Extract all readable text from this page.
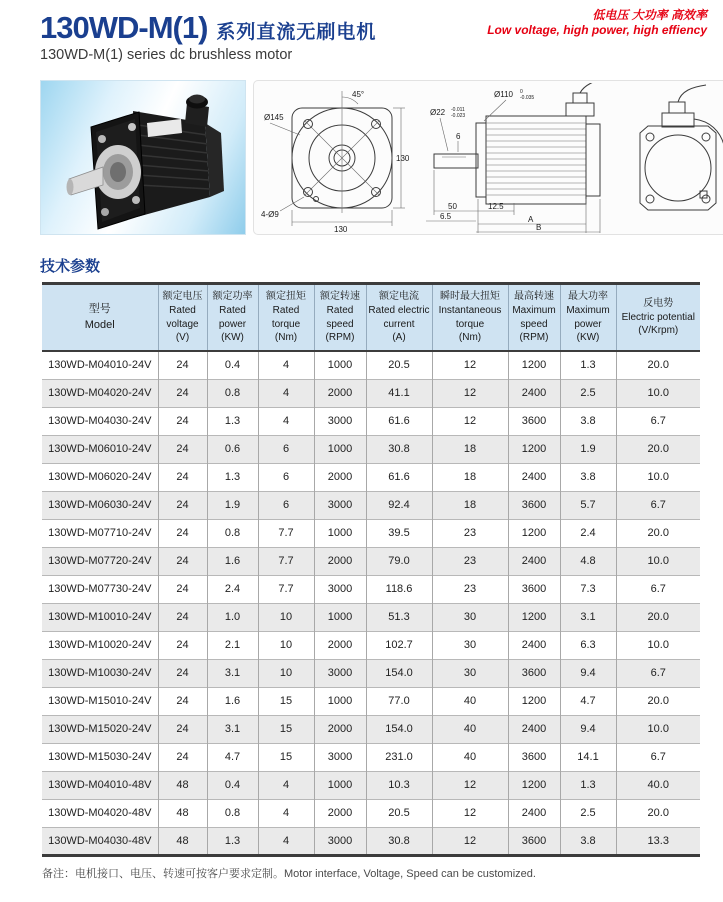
130WD-M(1) 系列直流无刷电机
130WD-M(1) series dc brushless motor
低电压 大功率 高效率
Low voltage, high power, high effiency
Ø145
45°
130
130
4-Ø9
Ø22 -0.011
-0.023
Ø110 0
-0.035
6
50	12.5
6.5	A
B
技术参数
型号
Model

额定电压
Rated voltage
(V)

额定功率
Rated power
(KW)

额定扭矩
Rated torque
(Nm)

额定转速
Rated speed
(RPM)

额定电流
Rated electric current
(A)

瞬时最大扭矩
Instantaneous torque
(Nm)

最高转速
Maximum speed
(RPM)

最大功率
Maximum power
(KW)

反电势
Electric potential
(V/Krpm)

130WD-M04010-24V	24	0.4	4	1000	20.5	12	1200	1.3	20.0
130WD-M04020-24V	24	0.8	4	2000	41.1	12	2400	2.5	10.0
130WD-M04030-24V	24	1.3	4	3000	61.6	12	3600	3.8	6.7
130WD-M06010-24V	24	0.6	6	1000	30.8	18	1200	1.9	20.0
130WD-M06020-24V	24	1.3	6	2000	61.6	18	2400	3.8	10.0
130WD-M06030-24V	24	1.9	6	3000	92.4	18	3600	5.7	6.7
130WD-M07710-24V	24	0.8	7.7	1000	39.5	23	1200	2.4	20.0
130WD-M07720-24V	24	1.6	7.7	2000	79.0	23	2400	4.8	10.0
130WD-M07730-24V	24	2.4	7.7	3000	118.6	23	3600	7.3	6.7
130WD-M10010-24V	24	1.0	10	1000	51.3	30	1200	3.1	20.0
130WD-M10020-24V	24	2.1	10	2000	102.7	30	2400	6.3	10.0
130WD-M10030-24V	24	3.1	10	3000	154.0	30	3600	9.4	6.7
130WD-M15010-24V	24	1.6	15	1000	77.0	40	1200	4.7	20.0
130WD-M15020-24V	24	3.1	15	2000	154.0	40	2400	9.4	10.0
130WD-M15030-24V	24	4.7	15	3000	231.0	40	3600	14.1	6.7
130WD-M04010-48V	48	0.4	4	1000	10.3	12	1200	1.3	40.0
130WD-M04020-48V	48	0.8	4	2000	20.5	12	2400	2.5	20.0
130WD-M04030-48V	48	1.3	4	3000	30.8	12	3600	3.8	13.3
备注：电机接口、电压、转速可按客户要求定制。Motor interface, Voltage, Speed can be customized.
